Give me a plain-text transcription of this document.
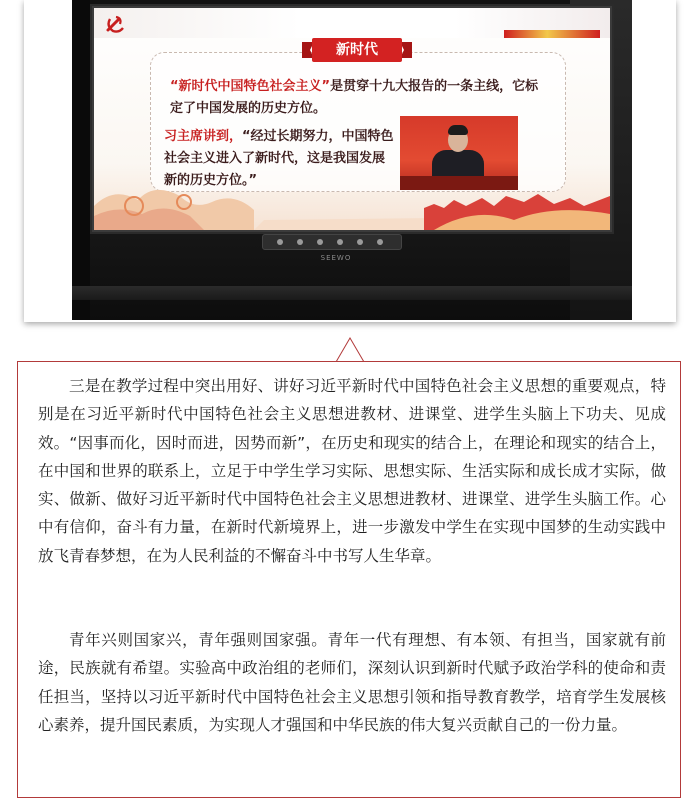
新时代
“新时代中国特色社会主义”是贯穿十九大报告的一条主线，它标定了中国发展的历史方位。
习主席讲到，“经过长期努力，中国特色社会主义进入了新时代，这是我国发展新的历史方位。”
SEEWO

三是在教学过程中突出用好、讲好习近平新时代中国特色社会主义思想的重要观点，特别是在习近平新时代中国特色社会主义思想进教材、进课堂、进学生头脑上下功夫、见成效。“因事而化，因时而进，因势而新”，在历史和现实的结合上，在理论和现实的结合上，在中国和世界的联系上，立足于中学生学习实际、思想实际、生活实际和成长成才实际，做实、做新、做好习近平新时代中国特色社会主义思想进教材、进课堂、进学生头脑工作。心中有信仰，奋斗有力量，在新时代新境界上，进一步激发中学生在实现中国梦的生动实践中放飞青春梦想，在为人民利益的不懈奋斗中书写人生华章。

青年兴则国家兴，青年强则国家强。青年一代有理想、有本领、有担当，国家就有前途，民族就有希望。实验高中政治组的老师们，深刻认识到新时代赋予政治学科的使命和责任担当，坚持以习近平新时代中国特色社会主义思想引领和指导教育教学，培育学生发展核心素养，提升国民素质，为实现人才强国和中华民族的伟大复兴贡献自己的一份力量。
